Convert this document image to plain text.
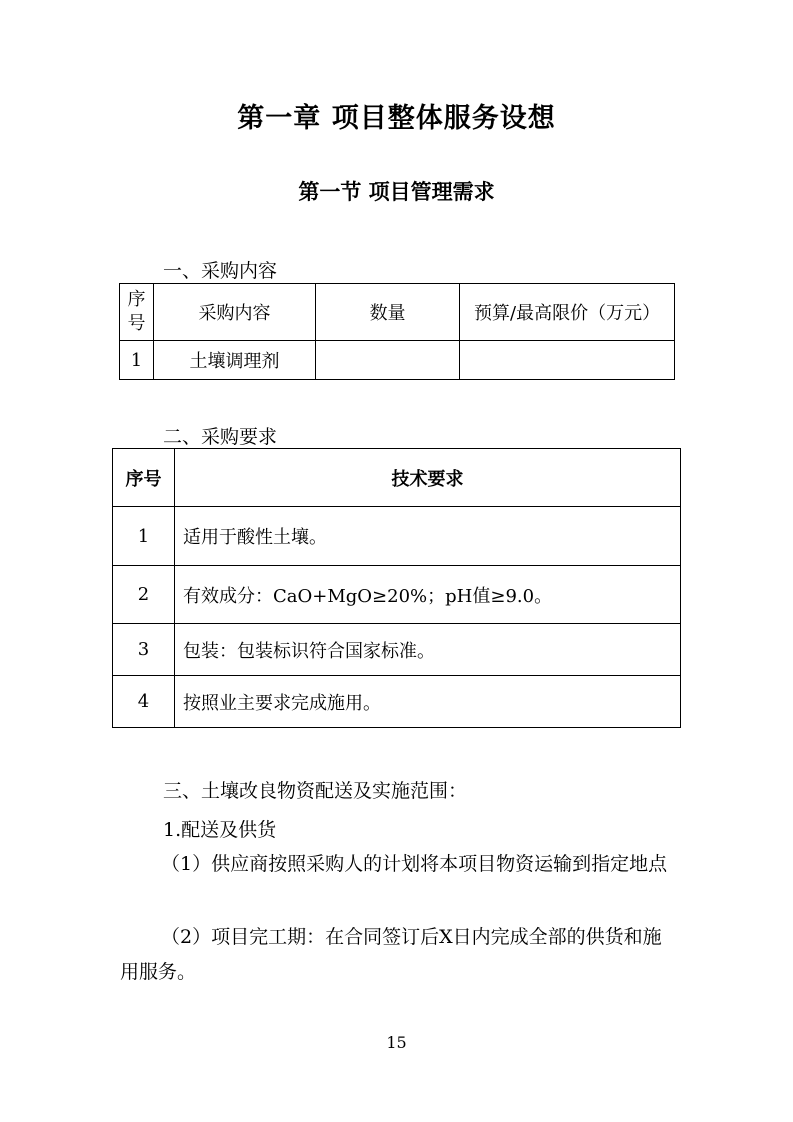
第一章 项目整体服务设想
第一节 项目管理需求
一、采购内容
序号	采购内容	数量	预算/最高限价（万元）
1	土壤调理剂		
二、采购要求
序号	技术要求
1	适用于酸性土壤。
2	有效成分：CaO+MgO≥20%；pH值≥9.0。
3	包装：包装标识符合国家标准。
4	按照业主要求完成施用。
三、土壤改良物资配送及实施范围：
1.配送及供货
（1）供应商按照采购人的计划将本项目物资运输到指定地点
（2）项目完工期：在合同签订后X日内完成全部的供货和施用服务。
15
